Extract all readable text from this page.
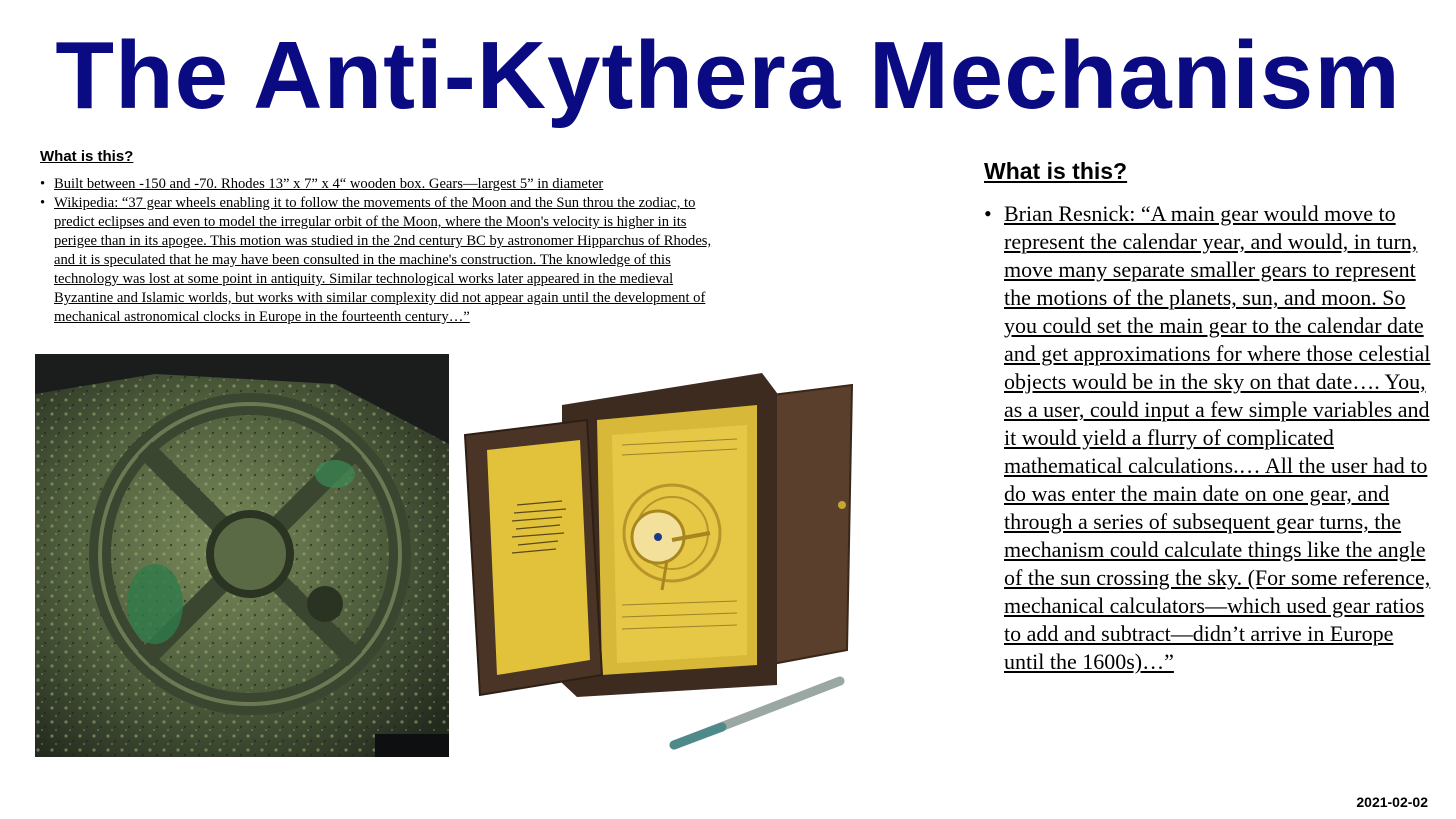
The Anti-Kythera Mechanism
What is this?
• Built between -150 and -70. Rhodes 13” x 7” x 4“ wooden box. Gears—largest 5” in diameter
• Wikipedia: “37 gear wheels enabling it to follow the movements of the Moon and the Sun throu the zodiac, to predict eclipses and even to model the irregular orbit of the Moon, where the Moon's velocity is higher in its perigee than in its apogee. This motion was studied in the 2nd century BC by astronomer Hipparchus of Rhodes, and it is speculated that he may have been consulted in the machine's construction. The knowledge of this technology was lost at some point in antiquity. Similar technological works later appeared in the medieval Byzantine and Islamic worlds, but works with similar complexity did not appear again until the development of mechanical astronomical clocks in Europe in the fourteenth century…”
What is this?
• Brian Resnick: “A main gear would move to represent the calendar year, and would, in turn, move many separate smaller gears to represent the motions of the planets, sun, and moon. So you could set the main gear to the calendar date and get approximations for where those celestial objects would be in the sky on that date…. You, as a user, could input a few simple variables and it would yield a flurry of complicated mathematical calculations.… All the user had to do was enter the main date on one gear, and through a series of subsequent gear turns, the mechanism could calculate things like the angle of the sun crossing the sky. (For some reference, mechanical calculators—which used gear ratios to add and subtract—didn’t arrive in Europe until the 1600s)…”
2021-02-02
